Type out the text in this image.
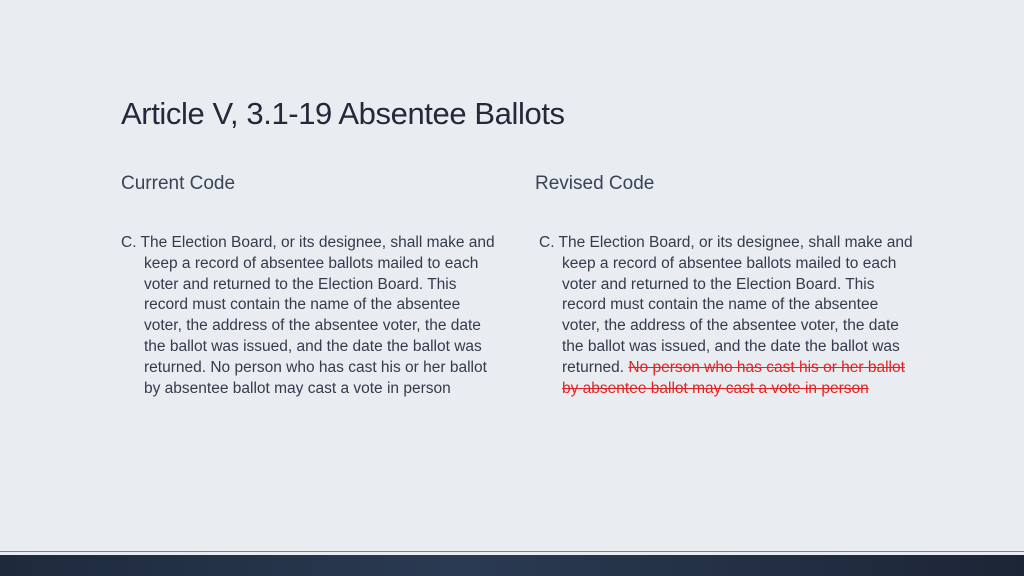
Article V, 3.1-19 Absentee Ballots
Current Code	Revised Code

C. The Election Board, or its designee, shall make and keep a record of absentee ballots mailed to each voter and returned to the Election Board. This record must contain the name of the absentee voter, the address of the absentee voter, the date the ballot was issued, and the date the ballot was returned. No person who has cast his or her ballot by absentee ballot may cast a vote in person

C. The Election Board, or its designee, shall make and keep a record of absentee ballots mailed to each voter and returned to the Election Board. This record must contain the name of the absentee voter, the address of the absentee voter, the date the ballot was issued, and the date the ballot was returned. No person who has cast his or her ballot by absentee ballot may cast a vote in person
